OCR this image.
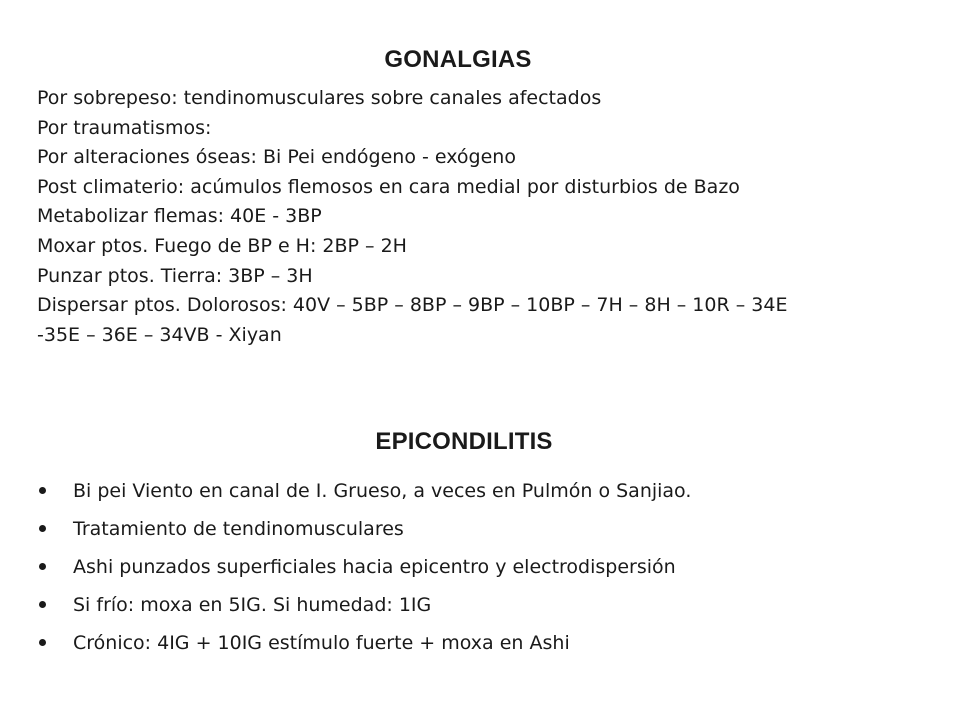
GONALGIAS
Por sobrepeso: tendinomusculares sobre canales afectados
Por traumatismos:
Por alteraciones óseas: Bi Pei endógeno - exógeno
Post climaterio: acúmulos flemosos en cara medial por disturbios de Bazo
Metabolizar flemas: 40E - 3BP
Moxar ptos. Fuego de BP e H: 2BP – 2H
Punzar ptos. Tierra: 3BP – 3H
Dispersar ptos. Dolorosos: 40V – 5BP – 8BP – 9BP – 10BP – 7H – 8H – 10R – 34E
-35E – 36E – 34VB - Xiyan
EPICONDILITIS
Bi pei Viento en canal de I. Grueso, a veces en Pulmón o Sanjiao.
Tratamiento de tendinomusculares
Ashi punzados superficiales hacia epicentro y electrodispersión
Si frío: moxa en 5IG. Si humedad: 1IG
Crónico: 4IG + 10IG estímulo fuerte + moxa en Ashi
